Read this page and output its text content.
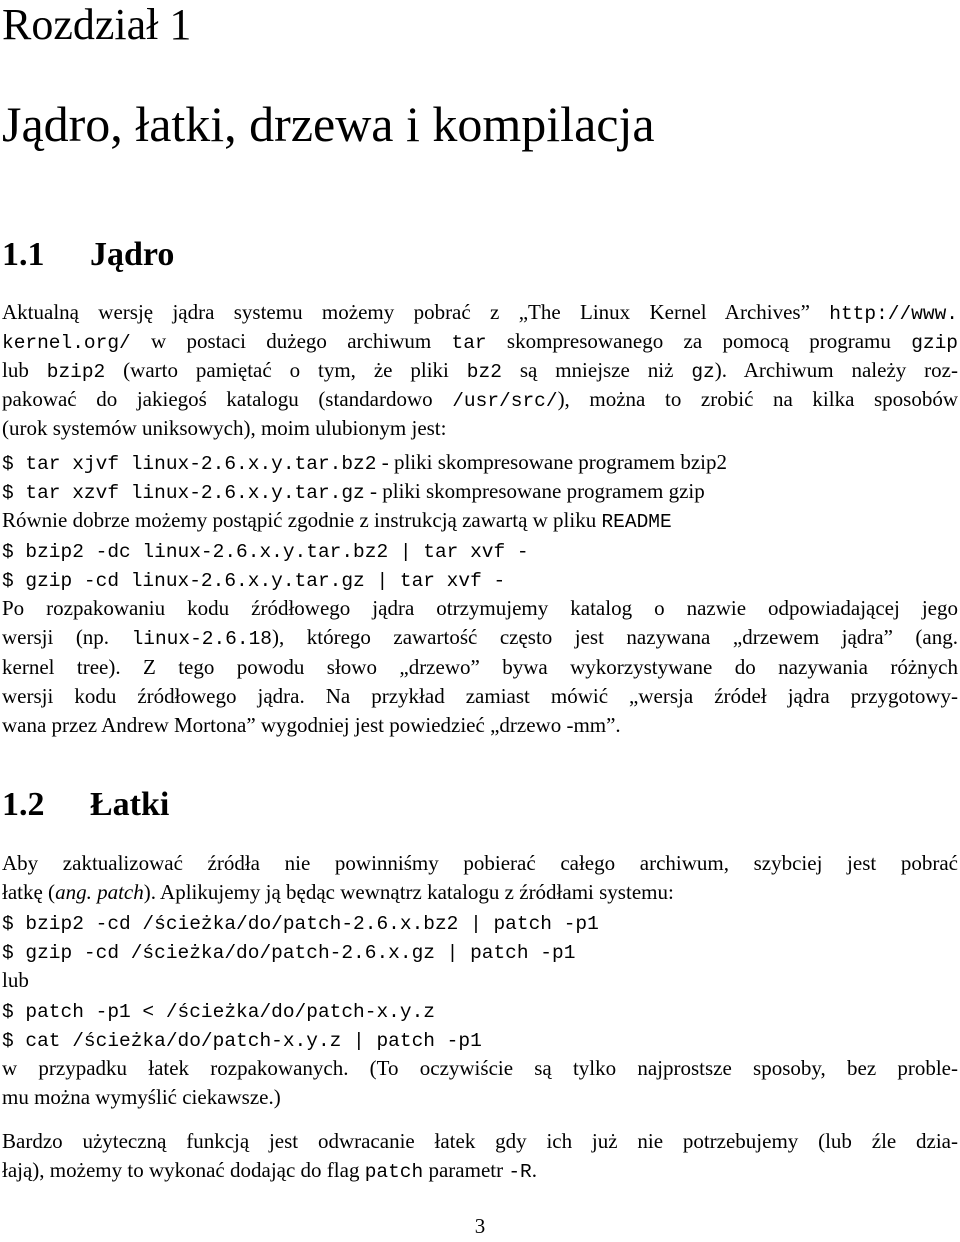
Rozdział 1
Jądro, łatki, drzewa i kompilacja
1.1 Jądro
Aktualną wersję jądra systemu możemy pobrać z „The Linux Kernel Archives” http://www.
kernel.org/ w postaci dużego archiwum tar skompresowanego za pomocą programu gzip
lub bzip2 (warto pamiętać o tym, że pliki bz2 są mniejsze niż gz). Archiwum należy roz-
pakować do jakiegoś katalogu (standardowo /usr/src/), można to zrobić na kilka sposobów
(urok systemów uniksowych), moim ulubionym jest:
$ tar xjvf linux-2.6.x.y.tar.bz2 - pliki skompresowane programem bzip2
$ tar xzvf linux-2.6.x.y.tar.gz - pliki skompresowane programem gzip
Równie dobrze możemy postąpić zgodnie z instrukcją zawartą w pliku README
$ bzip2 -dc linux-2.6.x.y.tar.bz2 | tar xvf -
$ gzip -cd linux-2.6.x.y.tar.gz | tar xvf -
Po rozpakowaniu kodu źródłowego jądra otrzymujemy katalog o nazwie odpowiadającej jego
wersji (np. linux-2.6.18), którego zawartość często jest nazywana „drzewem jądra” (ang.
kernel tree). Z tego powodu słowo „drzewo” bywa wykorzystywane do nazywania różnych
wersji kodu źródłowego jądra. Na przykład zamiast mówić „wersja źródeł jądra przygotowy-
wana przez Andrew Mortona” wygodniej jest powiedzieć „drzewo -mm”.
1.2 Łatki
Aby zaktualizować źródła nie powinniśmy pobierać całego archiwum, szybciej jest pobrać
łatkę (ang. patch). Aplikujemy ją będąc wewnątrz katalogu z źródłami systemu:
$ bzip2 -cd /ścieżka/do/patch-2.6.x.bz2 | patch -p1
$ gzip -cd /ścieżka/do/patch-2.6.x.gz | patch -p1
lub
$ patch -p1 < /ścieżka/do/patch-x.y.z
$ cat /ścieżka/do/patch-x.y.z | patch -p1
w przypadku łatek rozpakowanych. (To oczywiście są tylko najprostsze sposoby, bez proble-
mu można wymyślić ciekawsze.)
Bardzo użyteczną funkcją jest odwracanie łatek gdy ich już nie potrzebujemy (lub źle dzia-
łają), możemy to wykonać dodając do flag patch parametr -R.
3
